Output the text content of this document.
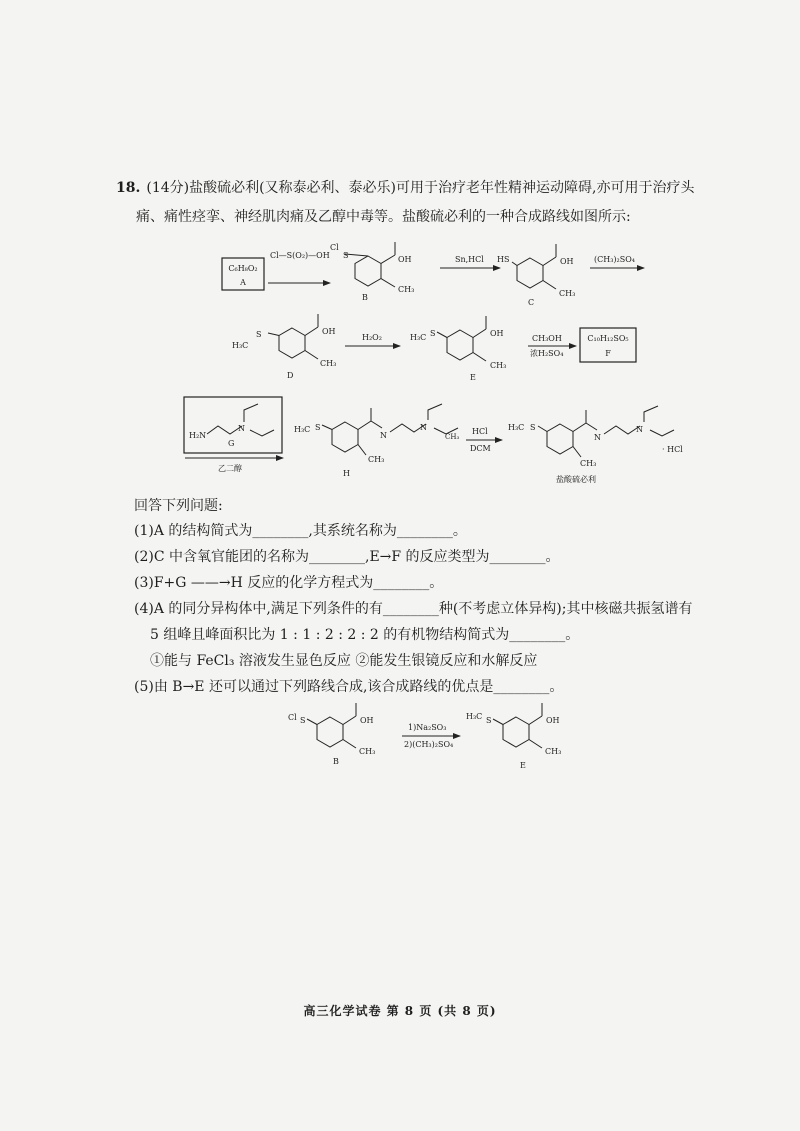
18. (14分)盐酸硫必利(又称泰必利、泰必乐)可用于治疗老年性精神运动障碍,亦可用于治疗头
痛、痛性痉挛、神经肌肉痛及乙醇中毒等。盐酸硫必利的一种合成路线如图所示:
C₆H₈O₂
A
Cl—S(O₂)—OH
Cl
S	OH
CH₃
B
Sn,HCl HS	OH
CH₃
C
(CH₃)₂SO₄
H₃C
S	OH
CH₃
D
H₂O₂	H₃C S	OH
CH₃
E
CH₃OH
浓H₂SO₄
C₁₀H₁₂SO₅
F
H₂N
N
G
乙二醇
H₃C S
N
N
CH₃
CH₃
H
HCl
DCM
H₃C S
N
N
· HCl
CH₃
盐酸硫必利
Cl S	OH
CH₃
B
1)Na₂SO₃
2)(CH₃)₂SO₄
H₃C S	OH
CH₃
E
回答下列问题:
(1)A 的结构简式为________,其系统名称为________。
(2)C 中含氧官能团的名称为________,E→F 的反应类型为________。
(3)F+G ——→H 反应的化学方程式为________。
(4)A 的同分异构体中,满足下列条件的有________种(不考虑立体异构);其中核磁共振氢谱有
5 组峰且峰面积比为 1 : 1 : 2 : 2 : 2 的有机物结构简式为________。
①能与 FeCl₃ 溶液发生显色反应 ②能发生银镜反应和水解反应
(5)由 B→E 还可以通过下列路线合成,该合成路线的优点是________。
高三化学试卷 第 8 页 (共 8 页)
